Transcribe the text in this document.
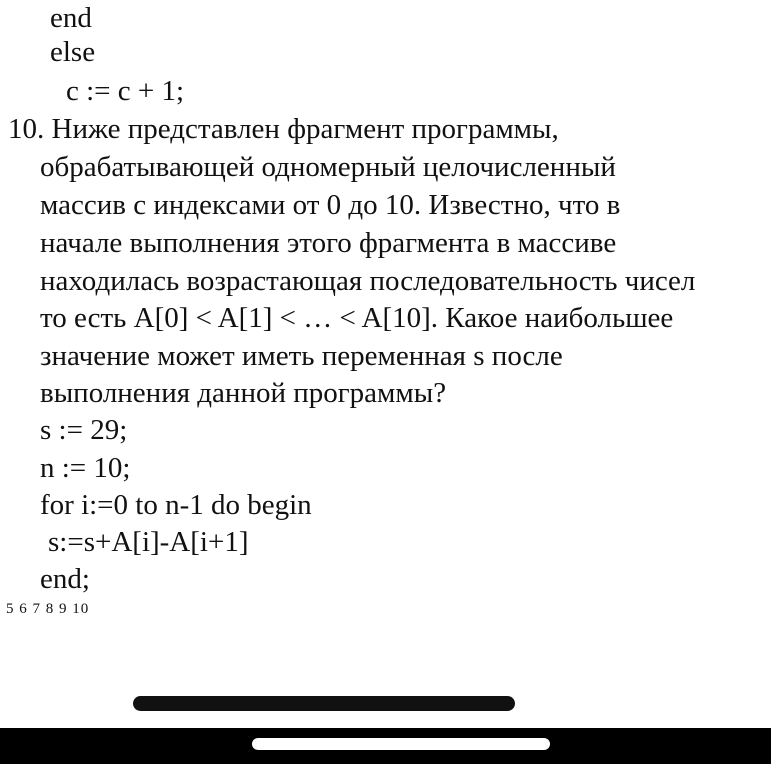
end
else
c := c + 1;
10. Ниже представлен фрагмент программы,
обрабатывающей одномерный целочисленный
массив с индексами от 0 до 10. Известно, что в
начале выполнения этого фрагмента в массиве
находилась возрастающая последовательность чисел
то есть A[0] < A[1] < … < A[10]. Какое наибольшее
значение может иметь переменная s после
выполнения данной программы?
s := 29;
n := 10;
for i:=0 to n-1 do begin
s:=s+A[i]-A[i+1]
end;
5 6 7 8 9 10
